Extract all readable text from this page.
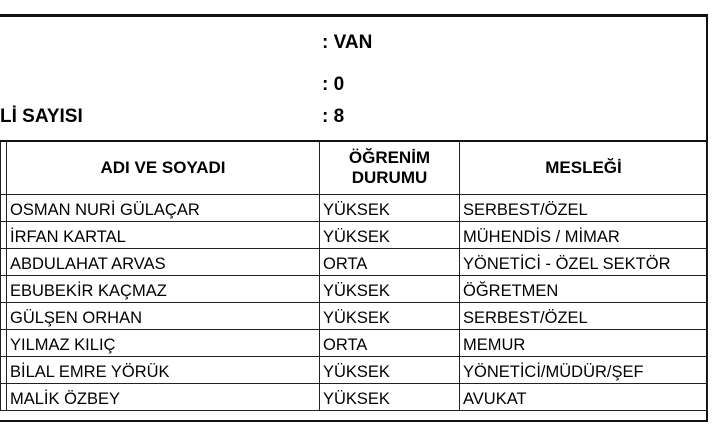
: VAN
: 0
Lİ SAYISI	: 8
	ADI VE SOYADI	ÖĞRENİM DURUMU	MESLEĞİ
	OSMAN NURİ GÜLAÇAR	YÜKSEK	SERBEST/ÖZEL
	İRFAN KARTAL	YÜKSEK	MÜHENDİS / MİMAR
	ABDULAHAT ARVAS	ORTA	YÖNETİCİ - ÖZEL SEKTÖR
	EBUBEKİR KAÇMAZ	YÜKSEK	ÖĞRETMEN
	GÜLŞEN ORHAN	YÜKSEK	SERBEST/ÖZEL
	YILMAZ KILIÇ	ORTA	MEMUR
	BİLAL EMRE YÖRÜK	YÜKSEK	YÖNETİCİ/MÜDÜR/ŞEF
	MALİK ÖZBEY	YÜKSEK	AVUKAT
